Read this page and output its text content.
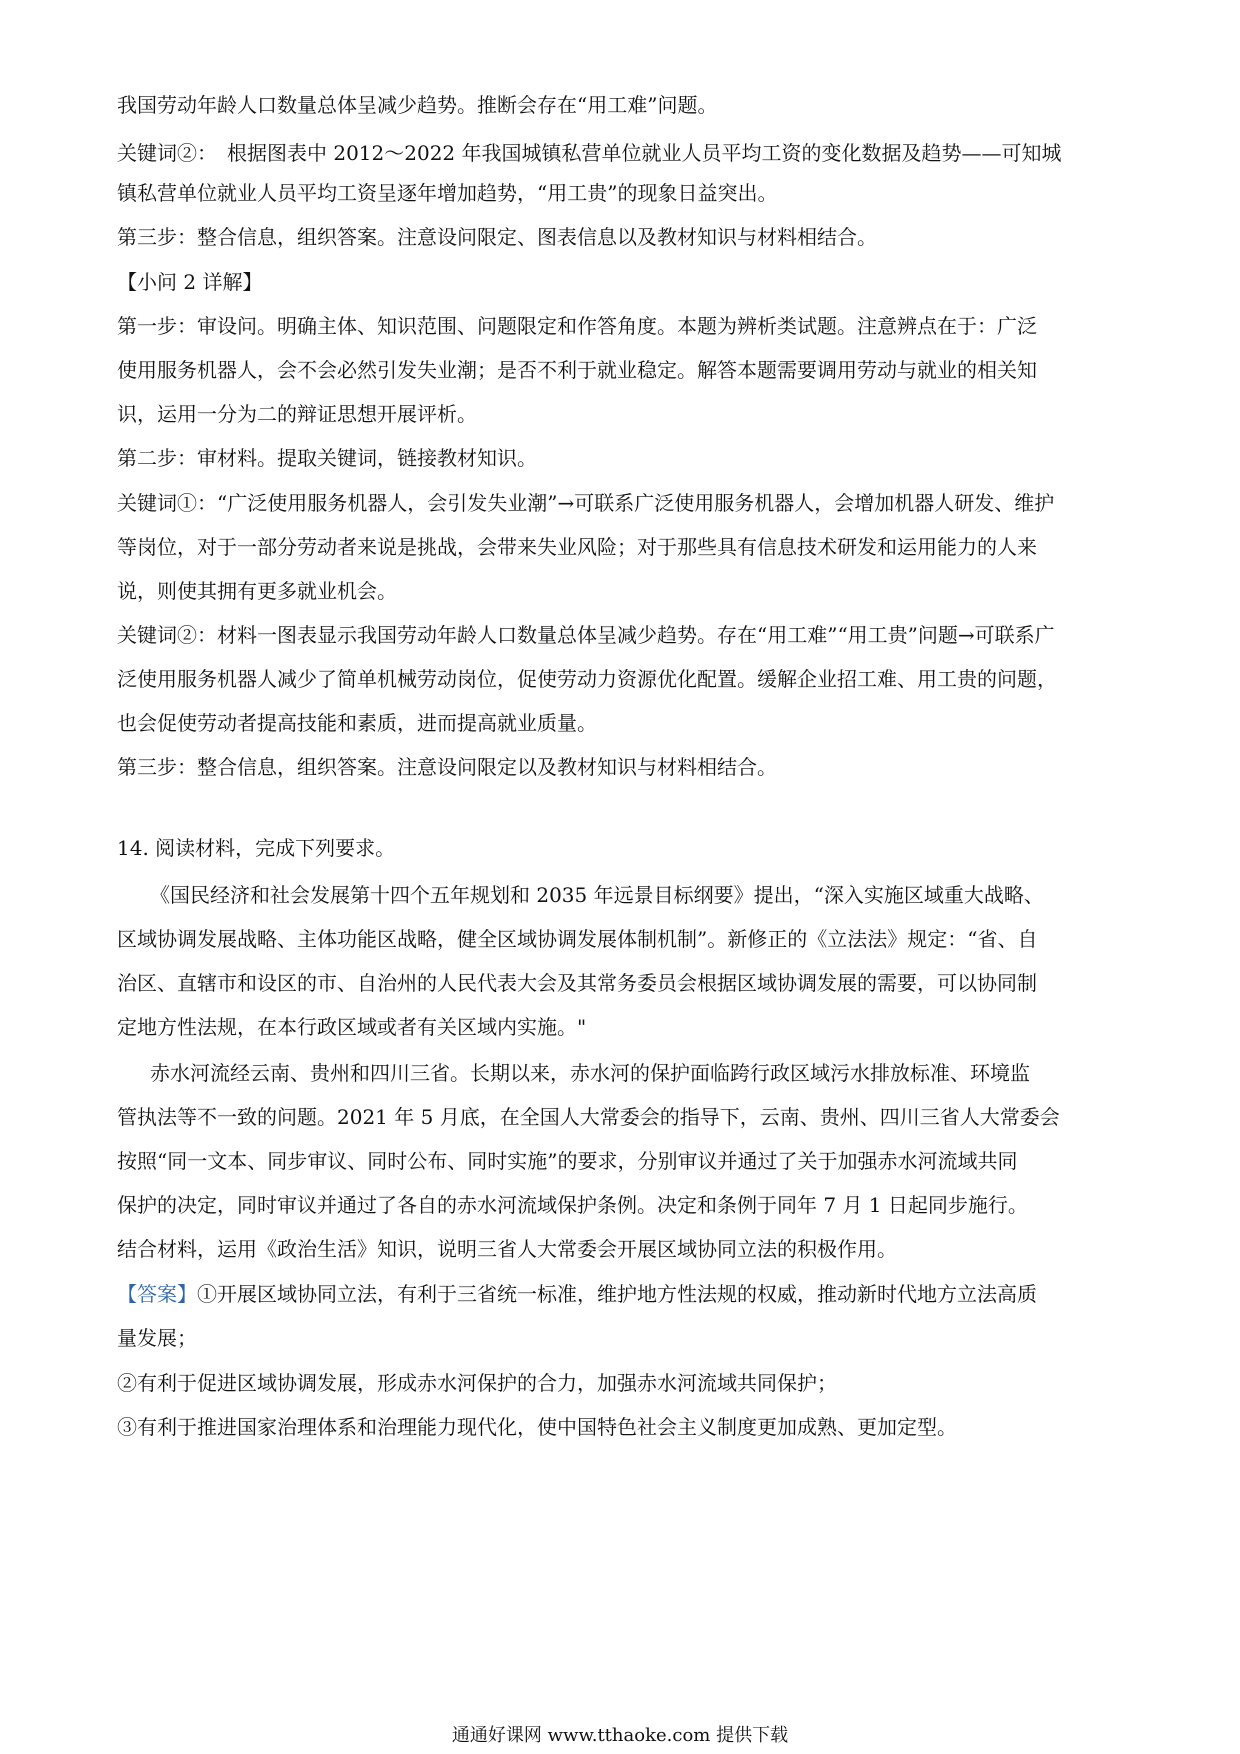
我国劳动年龄人口数量总体呈减少趋势。推断会存在“用工难”问题。

关键词②：　根据图表中 2012～2022 年我国城镇私营单位就业人员平均工资的变化数据及趋势——可知城

镇私营单位就业人员平均工资呈逐年增加趋势，“用工贵”的现象日益突出。

第三步：整合信息，组织答案。注意设问限定、图表信息以及教材知识与材料相结合。

【小问 2 详解】

第一步：审设问。明确主体、知识范围、问题限定和作答角度。本题为辨析类试题。注意辨点在于：广泛

使用服务机器人，会不会必然引发失业潮；是否不利于就业稳定。解答本题需要调用劳动与就业的相关知

识，运用一分为二的辩证思想开展评析。

第二步：审材料。提取关键词，链接教材知识。

关键词①：“广泛使用服务机器人，会引发失业潮”→可联系广泛使用服务机器人，会增加机器人研发、维护

等岗位，对于一部分劳动者来说是挑战，会带来失业风险；对于那些具有信息技术研发和运用能力的人来

说，则使其拥有更多就业机会。

关键词②：材料一图表显示我国劳动年龄人口数量总体呈减少趋势。存在“用工难”“用工贵”问题→可联系广

泛使用服务机器人减少了简单机械劳动岗位，促使劳动力资源优化配置。缓解企业招工难、用工贵的问题，

也会促使劳动者提高技能和素质，进而提高就业质量。

第三步：整合信息，组织答案。注意设问限定以及教材知识与材料相结合。

14. 阅读材料，完成下列要求。

《国民经济和社会发展第十四个五年规划和 2035 年远景目标纲要》提出，“深入实施区域重大战略、

区域协调发展战略、主体功能区战略，健全区域协调发展体制机制”。新修正的《立法法》规定：“省、自

治区、直辖市和设区的市、自治州的人民代表大会及其常务委员会根据区域协调发展的需要，可以协同制

定地方性法规，在本行政区域或者有关区域内实施。"

赤水河流经云南、贵州和四川三省。长期以来，赤水河的保护面临跨行政区域污水排放标准、环境监

管执法等不一致的问题。2021 年 5 月底，在全国人大常委会的指导下，云南、贵州、四川三省人大常委会

按照“同一文本、同步审议、同时公布、同时实施”的要求，分别审议并通过了关于加强赤水河流域共同

保护的决定，同时审议并通过了各自的赤水河流域保护条例。决定和条例于同年 7 月 1 日起同步施行。

结合材料，运用《政治生活》知识，说明三省人大常委会开展区域协同立法的积极作用。

【答案】①开展区域协同立法，有利于三省统一标准，维护地方性法规的权威，推动新时代地方立法高质

量发展；

②有利于促进区域协调发展，形成赤水河保护的合力，加强赤水河流域共同保护；

③有利于推进国家治理体系和治理能力现代化，使中国特色社会主义制度更加成熟、更加定型。

通通好课网 www.tthaoke.com 提供下载
